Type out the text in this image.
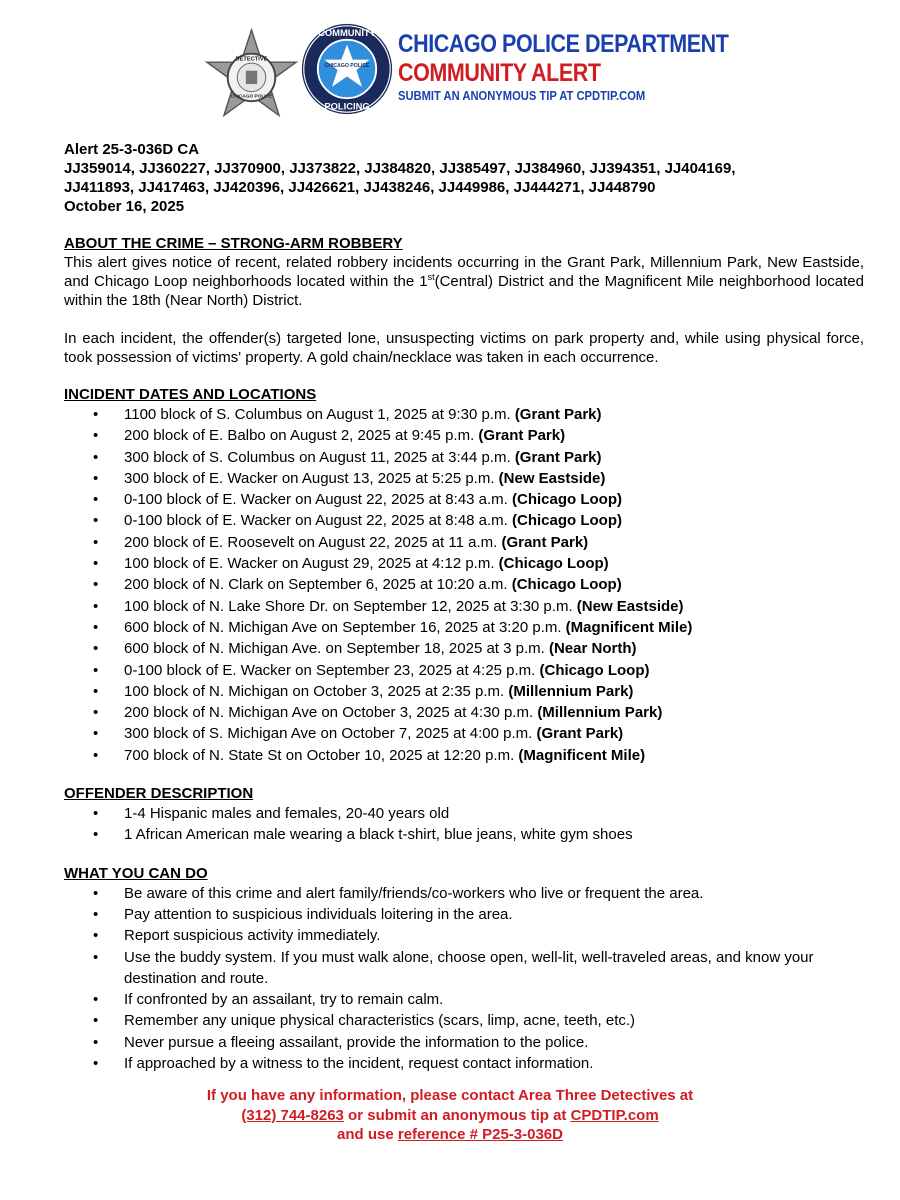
DETECTIVE
CHICAGO POLICE
CHICAGO POLICE
COMMUNITY
POLICING
CHICAGO POLICE DEPARTMENT
COMMUNITY ALERT
SUBMIT AN ANONYMOUS TIP AT CPDTIP.COM
Alert 25-3-036D CA
JJ359014, JJ360227, JJ370900, JJ373822, JJ384820, JJ385497, JJ384960, JJ394351, JJ404169,
JJ411893, JJ417463, JJ420396, JJ426621, JJ438246, JJ449986, JJ444271, JJ448790
October 16, 2025
ABOUT THE CRIME – STRONG-ARM ROBBERY
This alert gives notice of recent, related robbery incidents occurring in the Grant Park, Millennium Park, New Eastside, and Chicago Loop neighborhoods located within the 1st(Central) District and the Magnificent Mile neighborhood located within the 18th (Near North) District.
In each incident, the offender(s) targeted lone, unsuspecting victims on park property and, while using physical force, took possession of victims' property. A gold chain/necklace was taken in each occurrence.
INCIDENT DATES AND LOCATIONS
• 1100 block of S. Columbus on August 1, 2025 at 9:30 p.m. (Grant Park)
• 200 block of E. Balbo on August 2, 2025 at 9:45 p.m. (Grant Park)
• 300 block of S. Columbus on August 11, 2025 at 3:44 p.m. (Grant Park)
• 300 block of E. Wacker on August 13, 2025 at 5:25 p.m. (New Eastside)
• 0-100 block of E. Wacker on August 22, 2025 at 8:43 a.m. (Chicago Loop)
• 0-100 block of E. Wacker on August 22, 2025 at 8:48 a.m. (Chicago Loop)
• 200 block of E. Roosevelt on August 22, 2025 at 11 a.m. (Grant Park)
• 100 block of E. Wacker on August 29, 2025 at 4:12 p.m. (Chicago Loop)
• 200 block of N. Clark on September 6, 2025 at 10:20 a.m. (Chicago Loop)
• 100 block of N. Lake Shore Dr. on September 12, 2025 at 3:30 p.m. (New Eastside)
• 600 block of N. Michigan Ave on September 16, 2025 at 3:20 p.m. (Magnificent Mile)
• 600 block of N. Michigan Ave. on September 18, 2025 at 3 p.m. (Near North)
• 0-100 block of E. Wacker on September 23, 2025 at 4:25 p.m. (Chicago Loop)
• 100 block of N. Michigan on October 3, 2025 at 2:35 p.m. (Millennium Park)
• 200 block of N. Michigan Ave on October 3, 2025 at 4:30 p.m. (Millennium Park)
• 300 block of S. Michigan Ave on October 7, 2025 at 4:00 p.m. (Grant Park)
• 700 block of N. State St on October 10, 2025 at 12:20 p.m. (Magnificent Mile)
OFFENDER DESCRIPTION
• 1-4 Hispanic males and females, 20-40 years old
• 1 African American male wearing a black t-shirt, blue jeans, white gym shoes
WHAT YOU CAN DO
• Be aware of this crime and alert family/friends/co-workers who live or frequent the area.
• Pay attention to suspicious individuals loitering in the area.
• Report suspicious activity immediately.
• Use the buddy system. If you must walk alone, choose open, well-lit, well-traveled areas, and know your destination and route.
• If confronted by an assailant, try to remain calm.
• Remember any unique physical characteristics (scars, limp, acne, teeth, etc.)
• Never pursue a fleeing assailant, provide the information to the police.
• If approached by a witness to the incident, request contact information.
If you have any information, please contact Area Three Detectives at
(312) 744-8263 or submit an anonymous tip at CPDTIP.com
and use reference # P25-3-036D
